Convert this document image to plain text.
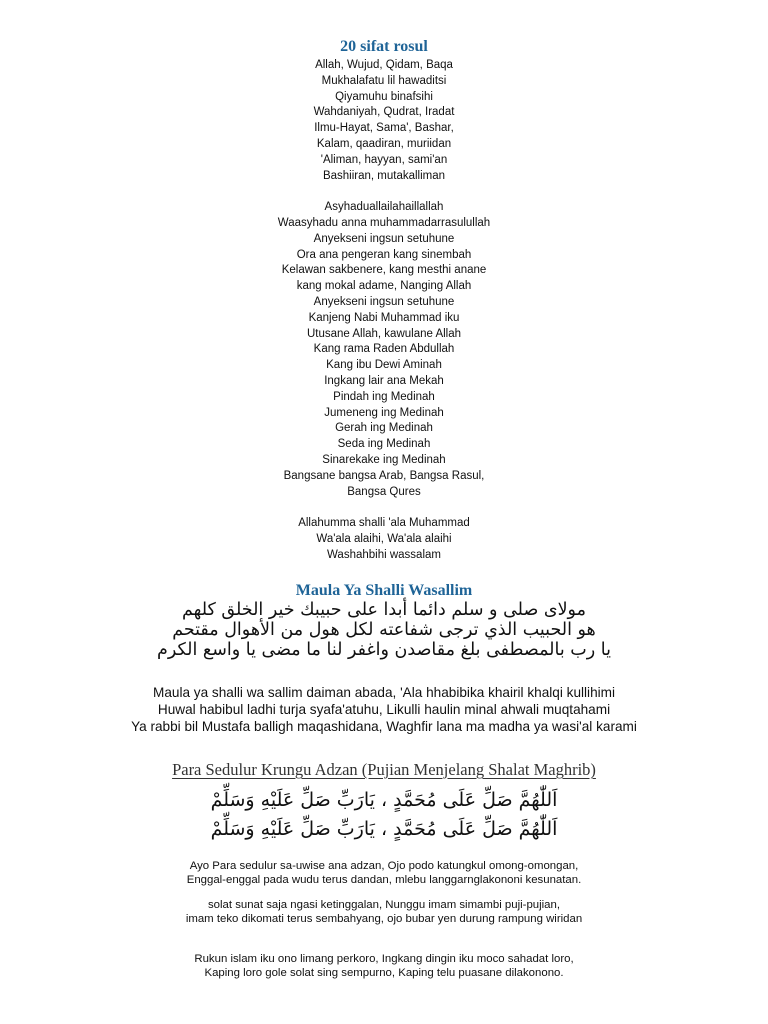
20 sifat rosul
Allah, Wujud, Qidam, Baqa
Mukhalafatu lil hawaditsi
Qiyamuhu binafsihi
Wahdaniyah, Qudrat, Iradat
Ilmu-Hayat, Sama', Bashar,
Kalam, qaadiran, muriidan
'Aliman, hayyan, sami'an
Bashiiran, mutakalliman
Asyhaduallailahaillallah
Waasyhadu anna muhammadarrasulullah
Anyekseni ingsun setuhune
Ora ana pengeran kang sinembah
Kelawan sakbenere, kang mesthi anane
kang mokal adame, Nanging Allah
Anyekseni ingsun setuhune
Kanjeng Nabi Muhammad iku
Utusane Allah, kawulane Allah
Kang rama Raden Abdullah
Kang ibu Dewi Aminah
Ingkang lair ana Mekah
Pindah ing Medinah
Jumeneng ing Medinah
Gerah ing Medinah
Seda ing Medinah
Sinarekake ing Medinah
Bangsane bangsa Arab, Bangsa Rasul,
Bangsa Qures
Allahumma shalli 'ala Muhammad
Wa'ala alaihi, Wa'ala alaihi
Washahbihi wassalam
Maula Ya Shalli Wasallim
مولای صلی و سلم دائما أبدا على حبيبك خير الخلق كلهم
هو الحبيب الذي ترجى شفاعته لكل هول من الأهوال مقتحم
يا رب بالمصطفى بلغ مقاصدن واغفر لنا ما مضى يا واسع الكرم
Maula ya shalli wa sallim daiman abada, 'Ala hhabibika khairil khalqi kullihimi
Huwal habibul ladhi turja syafa'atuhu, Likulli haulin minal ahwali muqtahami
Ya rabbi bil Mustafa balligh maqashidana, Waghfir lana ma madha ya wasi'al karami
Para Sedulur Krungu Adzan (Pujian Menjelang Shalat Maghrib)
اَللّٰهُمَّ صَلِّ عَلَى مُحَمَّدٍ ، يَارَبِّ صَلِّ عَلَيْهِ وَسَلِّمْ
اَللّٰهُمَّ صَلِّ عَلَى مُحَمَّدٍ ، يَارَبِّ صَلِّ عَلَيْهِ وَسَلِّمْ
Ayo Para sedulur sa-uwise ana adzan, Ojo podo katungkul omong-omongan,
Enggal-enggal pada wudu terus dandan, mlebu langgarnglakononi kesunatan.
solat sunat saja ngasi ketinggalan, Nunggu imam simambi puji-pujian,
imam teko dikomati terus sembahyang, ojo bubar yen durung rampung wiridan
Rukun islam iku ono limang perkoro, Ingkang dingin iku moco sahadat loro,
Kaping loro gole solat sing sempurno, Kaping telu puasane dilakonono.
